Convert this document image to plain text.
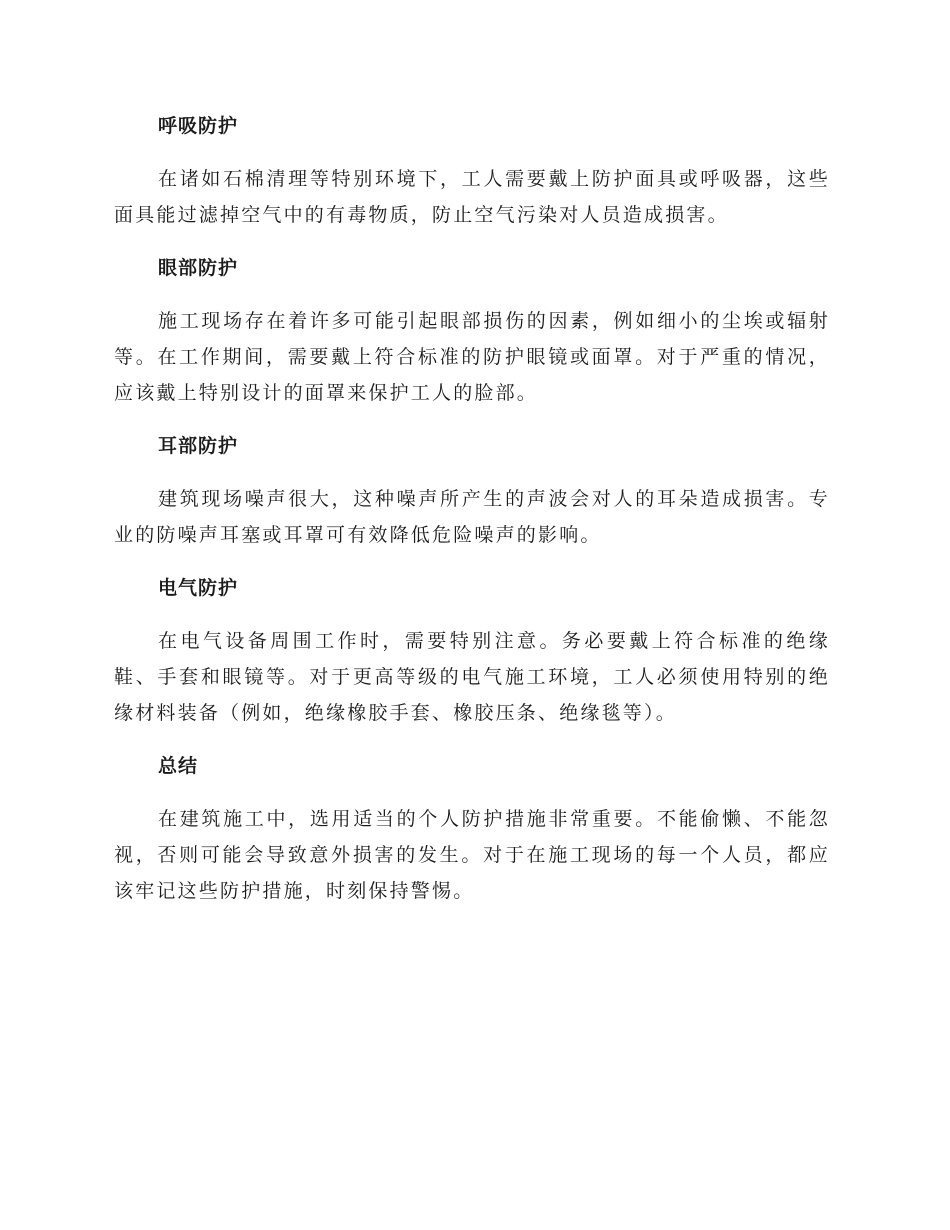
呼吸防护

在诸如石棉清理等特别环境下，工人需要戴上防护面具或呼吸器，这些面具能过滤掉空气中的有毒物质，防止空气污染对人员造成损害。

眼部防护

施工现场存在着许多可能引起眼部损伤的因素，例如细小的尘埃或辐射等。在工作期间，需要戴上符合标准的防护眼镜或面罩。对于严重的情况，应该戴上特别设计的面罩来保护工人的脸部。

耳部防护

建筑现场噪声很大，这种噪声所产生的声波会对人的耳朵造成损害。专业的防噪声耳塞或耳罩可有效降低危险噪声的影响。

电气防护

在电气设备周围工作时，需要特别注意。务必要戴上符合标准的绝缘鞋、手套和眼镜等。对于更高等级的电气施工环境，工人必须使用特别的绝缘材料装备（例如，绝缘橡胶手套、橡胶压条、绝缘毯等）。

总结

在建筑施工中，选用适当的个人防护措施非常重要。不能偷懒、不能忽视，否则可能会导致意外损害的发生。对于在施工现场的每一个人员，都应该牢记这些防护措施，时刻保持警惕。
